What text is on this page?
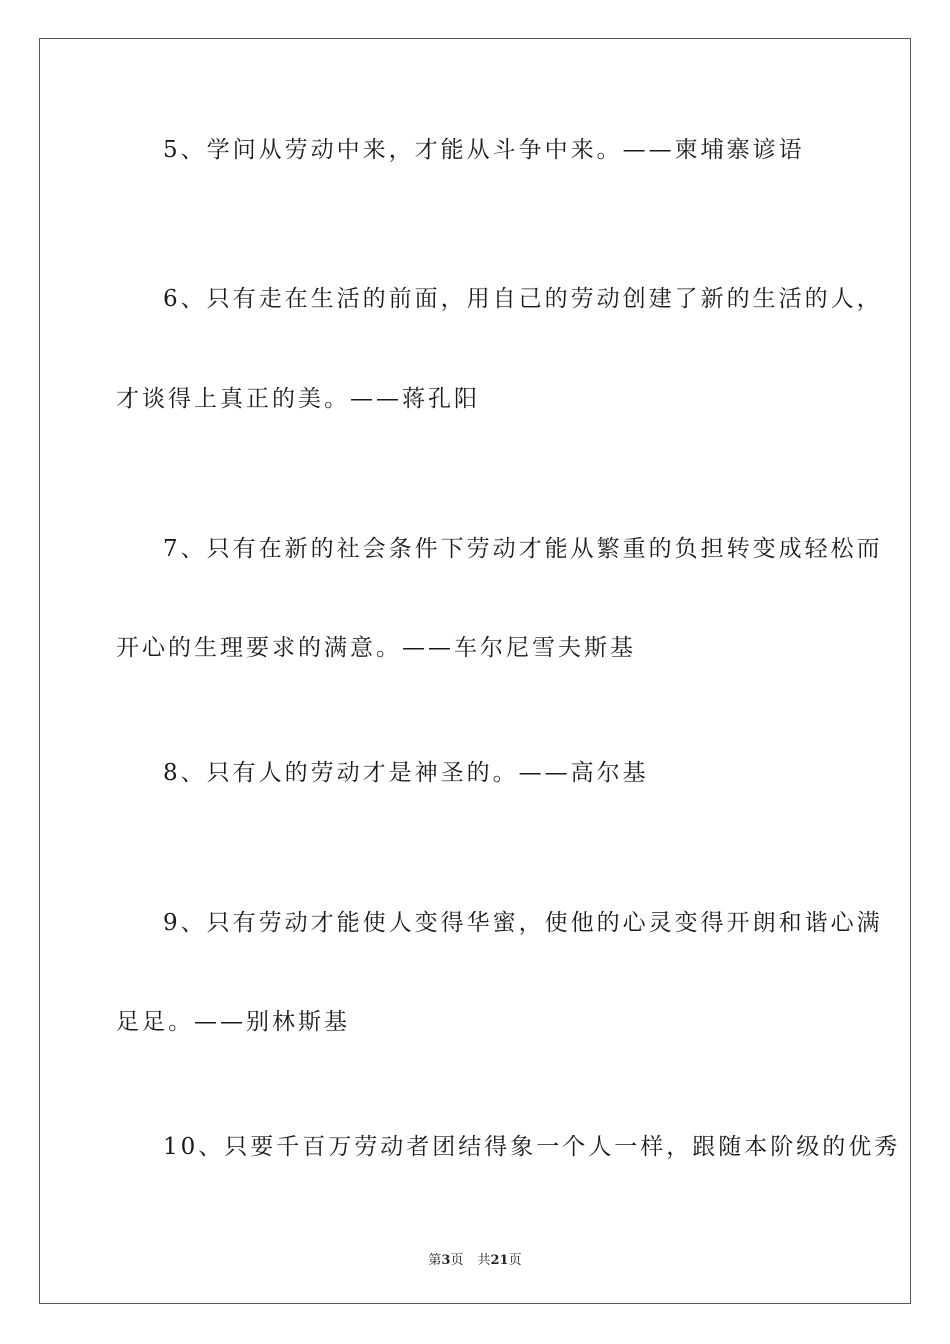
5、学问从劳动中来，才能从斗争中来。——柬埔寨谚语
6、只有走在生活的前面，用自己的劳动创建了新的生活的人，
才谈得上真正的美。——蒋孔阳
7、只有在新的社会条件下劳动才能从繁重的负担转变成轻松而
开心的生理要求的满意。——车尔尼雪夫斯基
8、只有人的劳动才是神圣的。——高尔基
9、只有劳动才能使人变得华蜜，使他的心灵变得开朗和谐心满
足足。——别林斯基
10、只要千百万劳动者团结得象一个人一样，跟随本阶级的优秀
第3页 共21页
